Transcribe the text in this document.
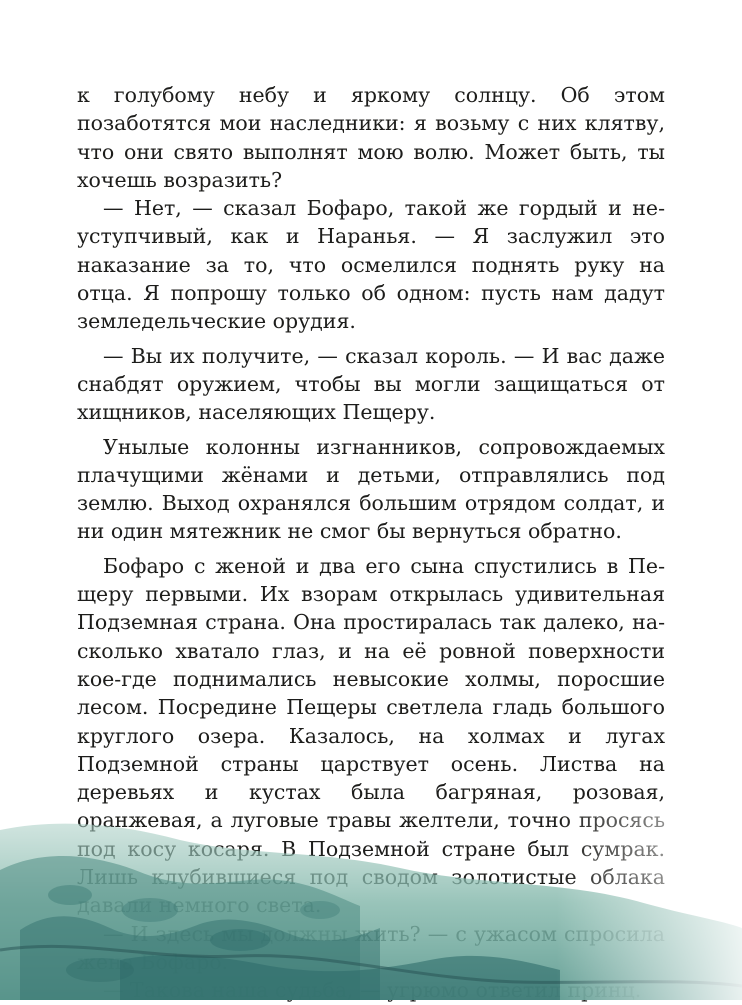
к голубому небу и яркому солнцу. Об этом позаботятся мои наследники: я возьму с них клятву, что они свято выполнят мою волю. Может быть, ты хочешь возразить?

— Нет, — сказал Бофаро, такой же гордый и неуступчивый, как и Наранья. — Я заслужил это наказание за то, что осмелился поднять руку на отца. Я попрошу только об одном: пусть нам дадут земледельческие орудия.

— Вы их получите, — сказал король. — И вас даже снабдят оружием, чтобы вы могли защищаться от хищников, населяющих Пещеру.

Унылые колонны изгнанников, сопровождаемых плачущими жёнами и детьми, отправлялись под землю. Выход охранялся большим отрядом солдат, и ни один мятежник не смог бы вернуться обратно.

Бофаро с женой и два его сына спустились в Пещеру первыми. Их взорам открылась удивительная Подземная страна. Она простиралась так далеко, насколько хватало глаз, и на её ровной поверхности кое-где поднимались невысокие холмы, поросшие лесом. Посредине Пещеры светлела гладь большого круглого озера. Казалось, на холмах и лугах Подземной страны царствует осень. Листва на деревьях и кустах была багряная, розовая,
